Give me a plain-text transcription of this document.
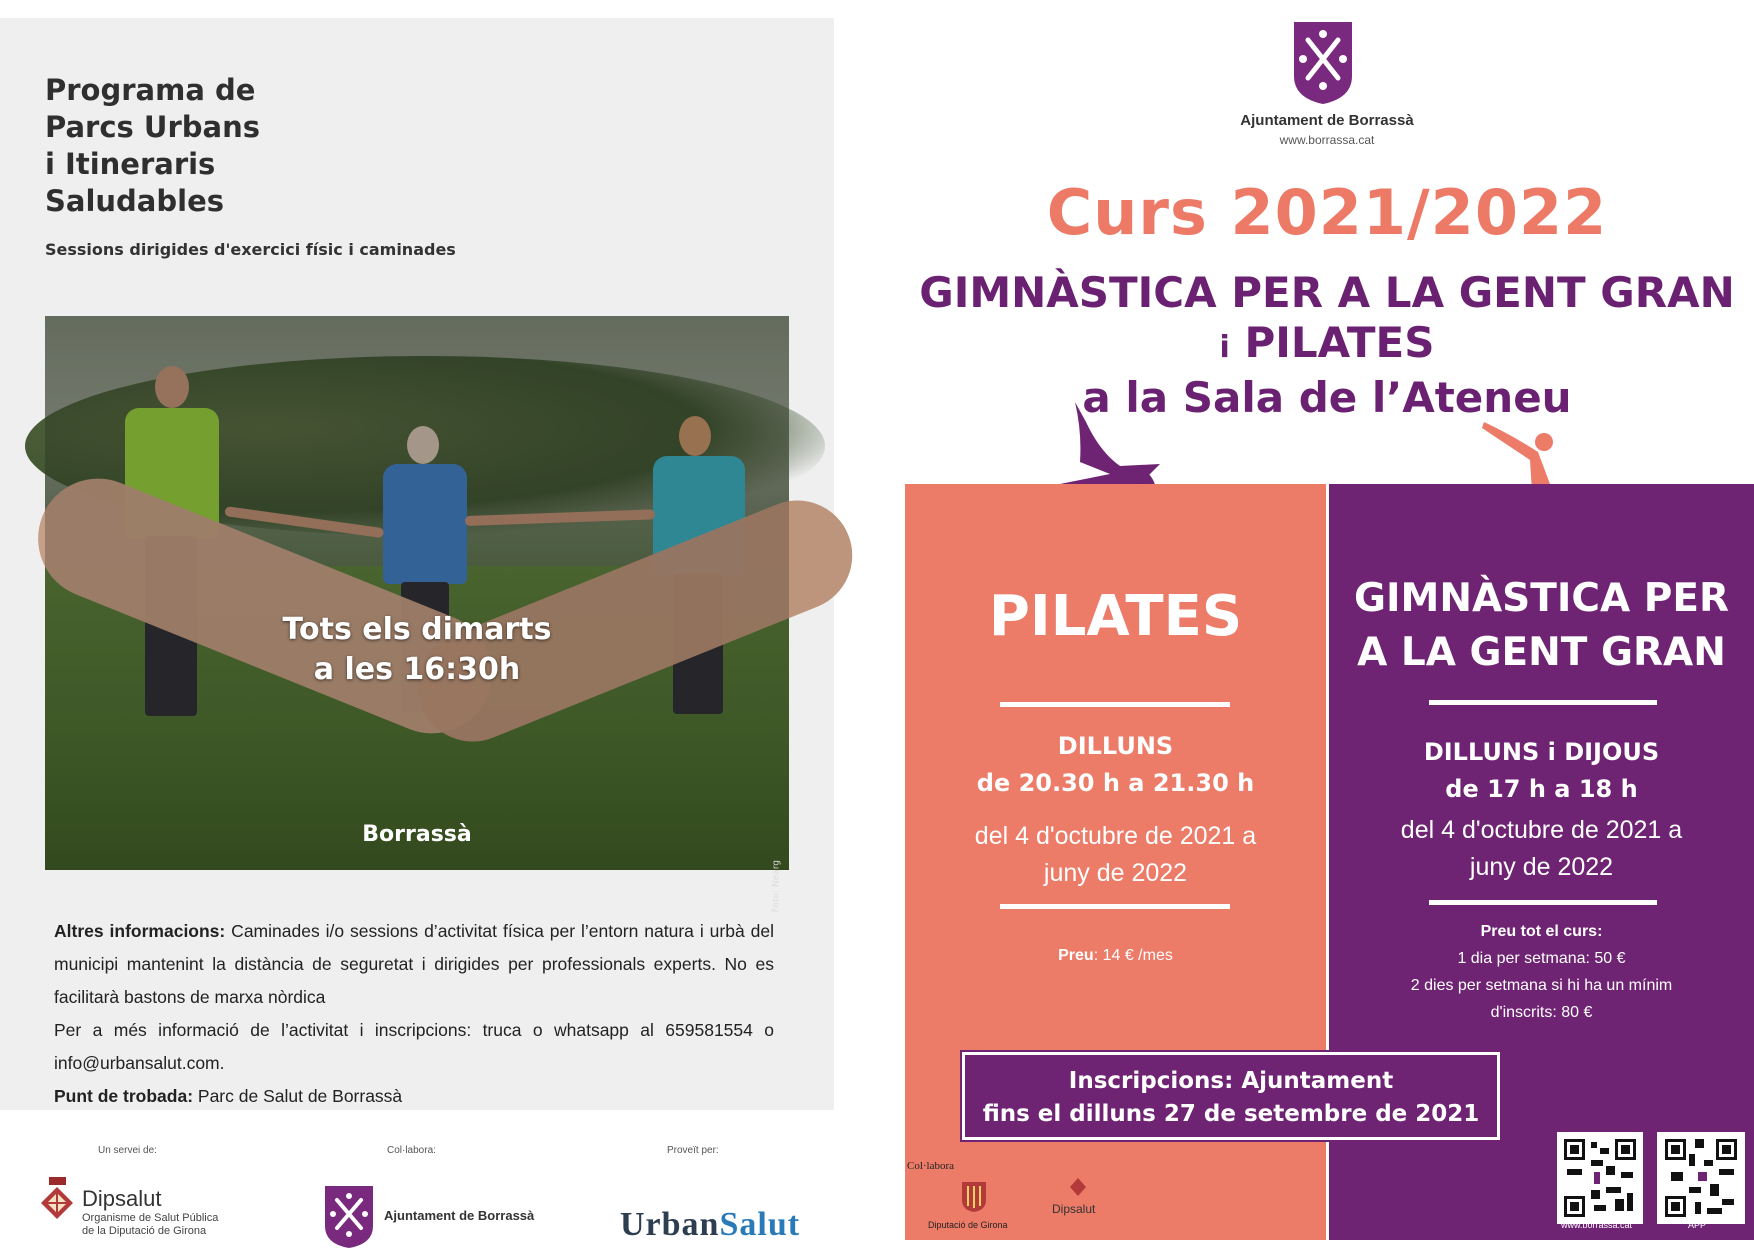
Programa de
Parcs Urbans
i Itineraris
Saludables
Sessions dirigides d'exercici físic i caminades
Tots els dimarts
a les 16:30h
Borrassà
Foto: Nearg

Altres informacions: Caminades i/o sessions d’activitat física per l’entorn natura i urbà del municipi mantenint la distància de seguretat i dirigides per professionals experts. No es facilitarà bastons de marxa nòrdica

Per a més informació de l’activitat i inscripcions: truca o whatsapp al 659581554 o info@urbansalut.com.

Punt de trobada: Parc de Salut de Borrassà

Un servei de:	Col·labora:	Proveït per:
Dipsalut
Organisme de Salut Pública
de la Diputació de Girona
Ajuntament de Borrassà	UrbanSalut
Ajuntament de Borrassà
www.borrassa.cat
Curs 2021/2022
GIMNÀSTICA PER A LA GENT GRAN
i PILATES
a la Sala de l’Ateneu
PILATES
DILLUNS
de 20.30 h a 21.30 h
del 4 d'octubre de 2021 a
juny de 2022
Preu: 14 € /mes
GIMNÀSTICA PER
A LA GENT GRAN
DILLUNS i DIJOUS
de 17 h a 18 h
del 4 d'octubre de 2021 a
juny de 2022
Preu tot el curs:
1 dia per setmana: 50 €
2 dies per setmana si hi ha un mínim
d'inscrits: 80 €
Col·labora
Diputació de Girona
Dipsalut
www.borrassa.cat	APP
Inscripcions: Ajuntament
fins el dilluns 27 de setembre de 2021
